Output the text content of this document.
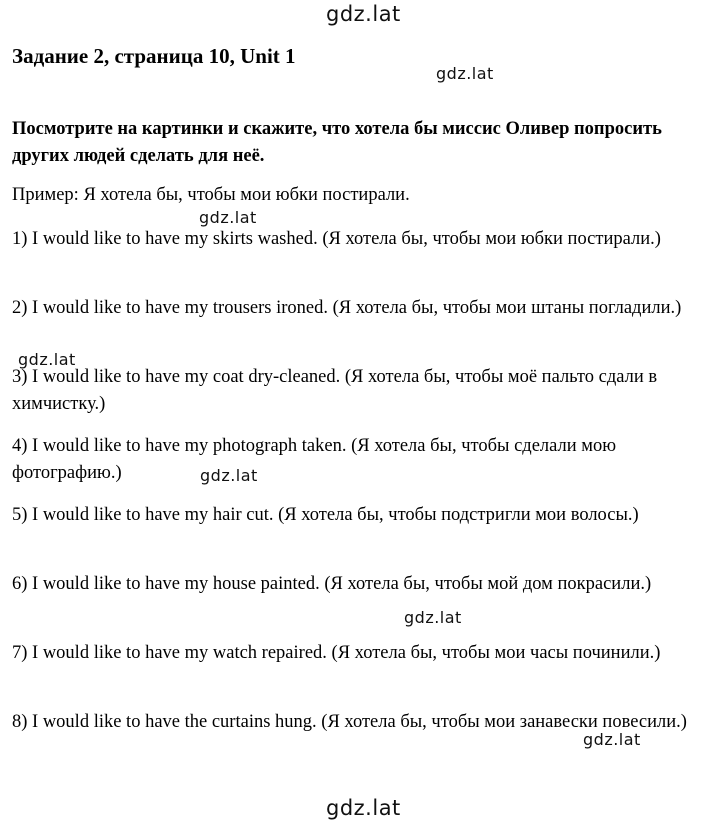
gdz.lat
gdz.lat
gdz.lat
gdz.lat
gdz.lat
gdz.lat
gdz.lat
gdz.lat
Задание 2, страница 10, Unit 1

Посмотрите на картинки и скажите, что хотела бы миссис Оливер попросить других людей сделать для неё.

Пример: Я хотела бы, чтобы мои юбки постирали.

1) I would like to have my skirts washed. (Я хотела бы, чтобы мои юбки постирали.)
2) I would like to have my trousers ironed. (Я хотела бы, чтобы мои штаны погладили.)
3) I would like to have my coat dry-cleaned. (Я хотела бы, чтобы моё пальто сдали в химчистку.)
4) I would like to have my photograph taken. (Я хотела бы, чтобы сделали мою фотографию.)
5) I would like to have my hair cut. (Я хотела бы, чтобы подстригли мои волосы.)
6) I would like to have my house painted. (Я хотела бы, чтобы мой дом покрасили.)
7) I would like to have my watch repaired. (Я хотела бы, чтобы мои часы починили.)
8) I would like to have the curtains hung. (Я хотела бы, чтобы мои занавески повесили.)
